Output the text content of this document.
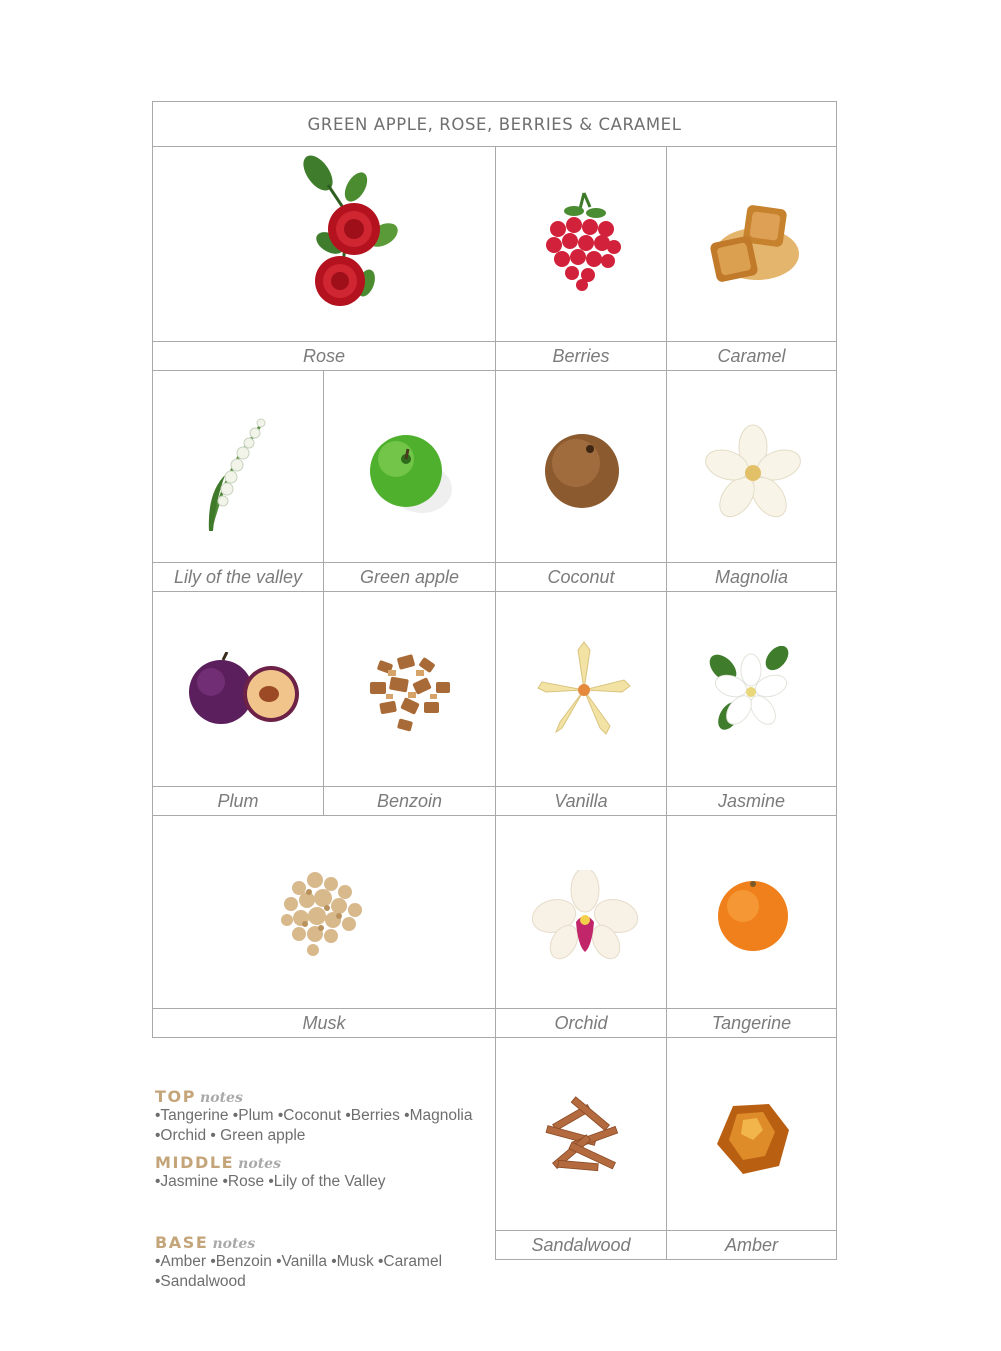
GREEN APPLE, ROSE, BERRIES & CARAMEL
Rose	Berries	Caramel
Lily of the valley	Green apple	Coconut	Magnolia
Plum	Benzoin	Vanilla	Jasmine
Musk	Orchid	Tangerine
Sandalwood	Amber
TOP notes
•Tangerine •Plum •Coconut •Berries •Magnolia
•Orchid • Green apple
MIDDLE notes
•Jasmine •Rose •Lily of the Valley
BASE notes
•Amber •Benzoin •Vanilla •Musk •Caramel
•Sandalwood
